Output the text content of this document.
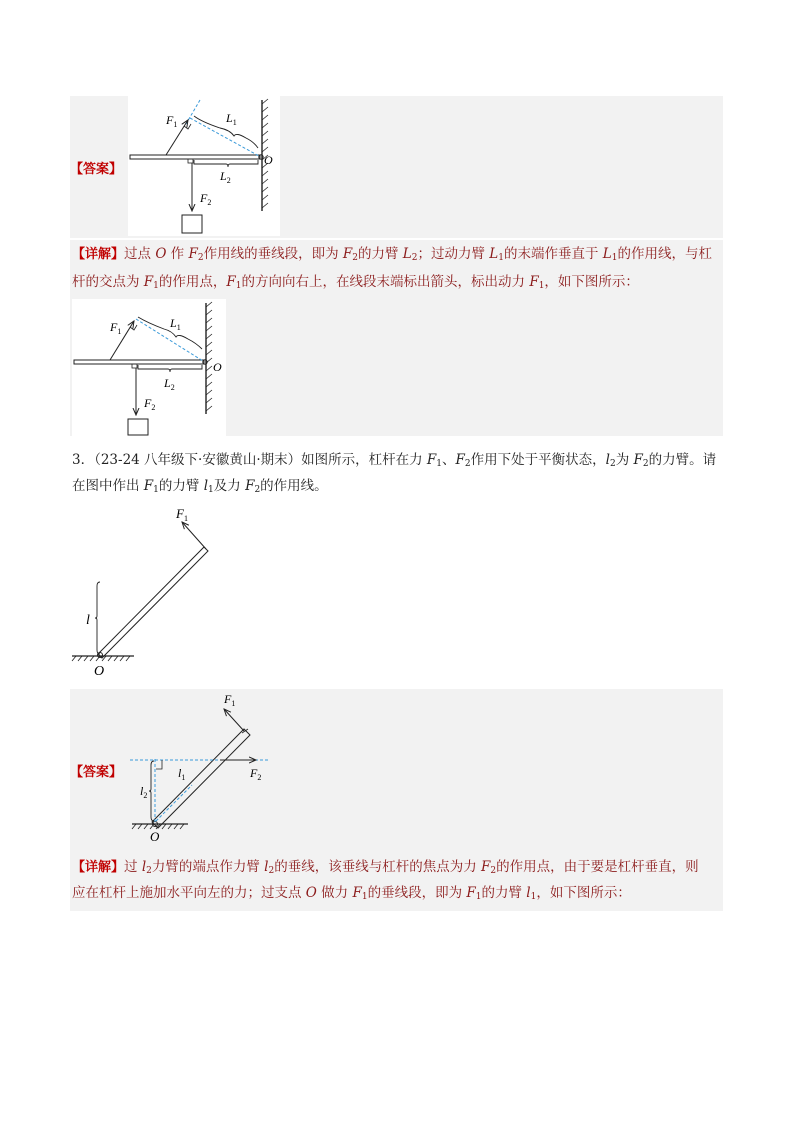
$F_1$	$L_1$
O
$L_2$
$F_2$
【答案】
【详解】过点 O 作 F2作用线的垂线段，即为 F2的力臂 L2；过动力臂 L1的末端作垂直于 L1的作用线，与杠
杆的交点为 F1的作用点，F1的方向向右上，在线段末端标出箭头，标出动力 F1，如下图所示：
$F_1$
$L_1$
O
$L_2$
$F_2$
3．（23-24 八年级下·安徽黄山·期末）如图所示，杠杆在力 F1、F2作用下处于平衡状态，l2为 F2的力臂。请
在图中作出 F1的力臂 l1及力 F2的作用线。
$F_1$
l
O
【答案】
$F_1$
$l_1$	$F_2$
$l_2$
O
【详解】过 l2力臂的端点作力臂 l2的垂线，该垂线与杠杆的焦点为力 F2的作用点，由于要是杠杆垂直，则
应在杠杆上施加水平向左的力；过支点 O 做力 F1的垂线段，即为 F1的力臂 l1，如下图所示：
